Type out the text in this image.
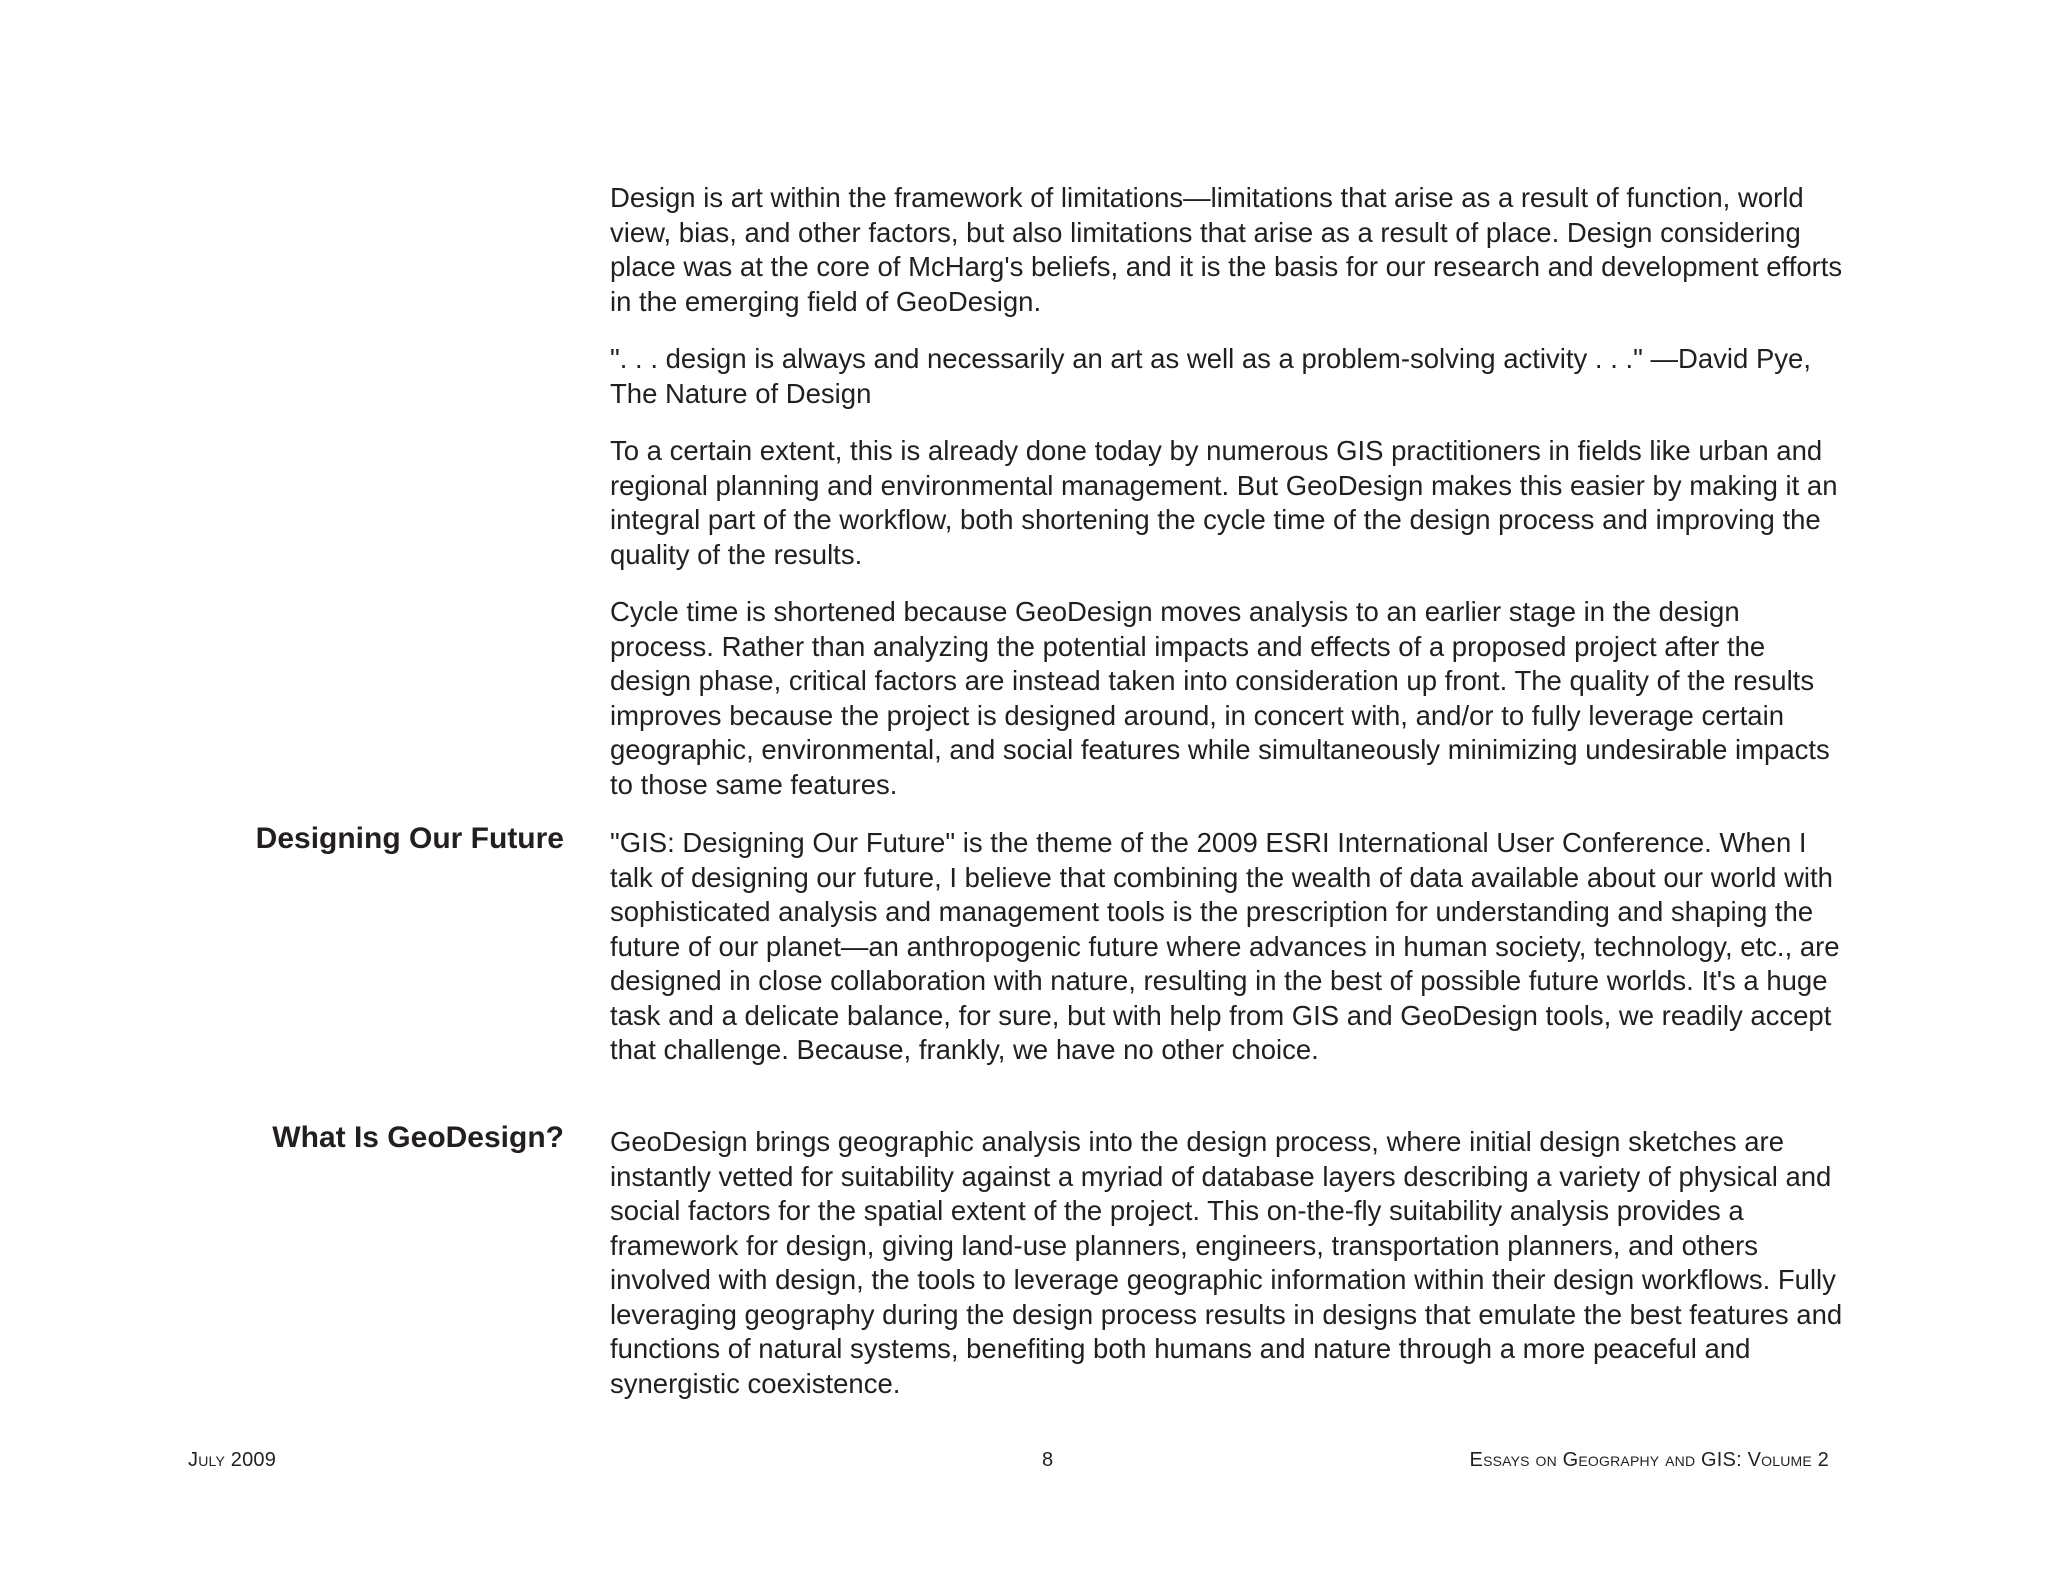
Design is art within the framework of limitations—limitations that arise as a result of function, world view, bias, and other factors, but also limitations that arise as a result of place. Design considering place was at the core of McHarg's beliefs, and it is the basis for our research and development efforts in the emerging field of GeoDesign.

". . . design is always and necessarily an art as well as a problem-solving activity . . ." —David Pye, The Nature of Design

To a certain extent, this is already done today by numerous GIS practitioners in fields like urban and regional planning and environmental management. But GeoDesign makes this easier by making it an integral part of the workflow, both shortening the cycle time of the design process and improving the quality of the results.

Cycle time is shortened because GeoDesign moves analysis to an earlier stage in the design process. Rather than analyzing the potential impacts and effects of a proposed project after the design phase, critical factors are instead taken into consideration up front. The quality of the results improves because the project is designed around, in concert with, and/or to fully leverage certain geographic, environmental, and social features while simultaneously minimizing undesirable impacts to those same features.

Designing Our Future "GIS: Designing Our Future" is the theme of the 2009 ESRI International User Conference. When I talk of designing our future, I believe that combining the wealth of data available about our world with sophisticated analysis and management tools is the prescription for understanding and shaping the future of our planet—an anthropogenic future where advances in human society, technology, etc., are designed in close collaboration with nature, resulting in the best of possible future worlds. It's a huge task and a delicate balance, for sure, but with help from GIS and GeoDesign tools, we readily accept that challenge. Because, frankly, we have no other choice.

What Is GeoDesign? GeoDesign brings geographic analysis into the design process, where initial design sketches are instantly vetted for suitability against a myriad of database layers describing a variety of physical and social factors for the spatial extent of the project. This on-the-fly suitability analysis provides a framework for design, giving land-use planners, engineers, transportation planners, and others involved with design, the tools to leverage geographic information within their design workflows. Fully leveraging geography during the design process results in designs that emulate the best features and functions of natural systems, benefiting both humans and nature through a more peaceful and synergistic coexistence.

July 2009	8	Essays on Geography and GIS: Volume 2
